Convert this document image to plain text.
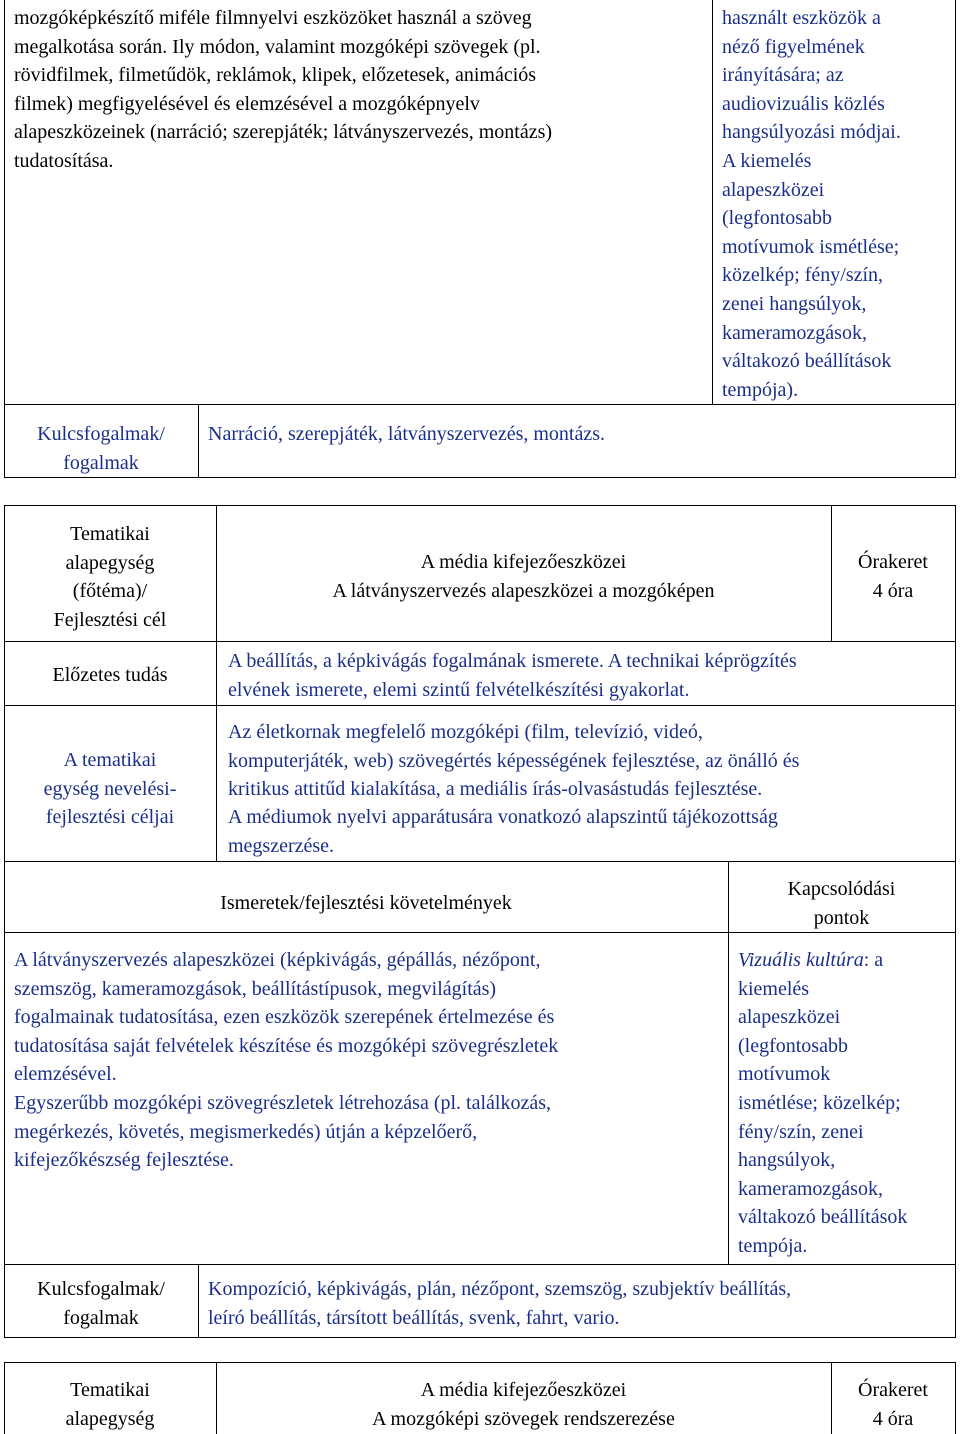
mozgóképkészítő miféle filmnyelvi eszközöket használ a szöveg
megalkotása során. Ily módon, valamint mozgóképi szövegek (pl.
rövidfilmek, filmetűdök, reklámok, klipek, előzetesek, animációs
filmek) megfigyelésével és elemzésével a mozgóképnyelv
alapeszközeinek (narráció; szerepjáték; látványszervezés, montázs)
tudatosítása.
használt eszközök a
néző figyelmének
irányítására; az
audiovizuális közlés
hangsúlyozási módjai.
A kiemelés
alapeszközei
(legfontosabb
motívumok ismétlése;
közelkép; fény/szín,
zenei hangsúlyok,
kameramozgások,
váltakozó beállítások
tempója).
Kulcsfogalmak/
fogalmak
Narráció, szerepjáték, látványszervezés, montázs.
Tematikai
alapegység
(főtéma)/
Fejlesztési cél
A média kifejezőeszközei
A látványszervezés alapeszközei a mozgóképen
Órakeret
4 óra
Előzetes tudás
A beállítás, a képkivágás fogalmának ismerete. A technikai képrögzítés
elvének ismerete, elemi szintű felvételkészítési gyakorlat.
A tematikai
egység nevelési-
fejlesztési céljai
Az életkornak megfelelő mozgóképi (film, televízió, videó,
komputerjáték, web) szövegértés képességének fejlesztése, az önálló és
kritikus attitűd kialakítása, a mediális írás-olvasástudás fejlesztése.
A médiumok nyelvi apparátusára vonatkozó alapszintű tájékozottság
megszerzése.
Ismeretek/fejlesztési követelmények
Kapcsolódási
pontok
A látványszervezés alapeszközei (képkivágás, gépállás, nézőpont,
szemszög, kameramozgások, beállítástípusok, megvilágítás)
fogalmainak tudatosítása, ezen eszközök szerepének értelmezése és
tudatosítása saját felvételek készítése és mozgóképi szövegrészletek
elemzésével.
Egyszerűbb mozgóképi szövegrészletek létrehozása (pl. találkozás,
megérkezés, követés, megismerkedés) útján a képzelőerő,
kifejezőkészség fejlesztése.
Vizuális kultúra: a
kiemelés
alapeszközei
(legfontosabb
motívumok
ismétlése; közelkép;
fény/szín, zenei
hangsúlyok,
kameramozgások,
váltakozó beállítások
tempója.
Kulcsfogalmak/
fogalmak
Kompozíció, képkivágás, plán, nézőpont, szemszög, szubjektív beállítás,
leíró beállítás, társított beállítás, svenk, fahrt, vario.
Tematikai
alapegység
A média kifejezőeszközei
A mozgóképi szövegek rendszerezése
Órakeret
4 óra
